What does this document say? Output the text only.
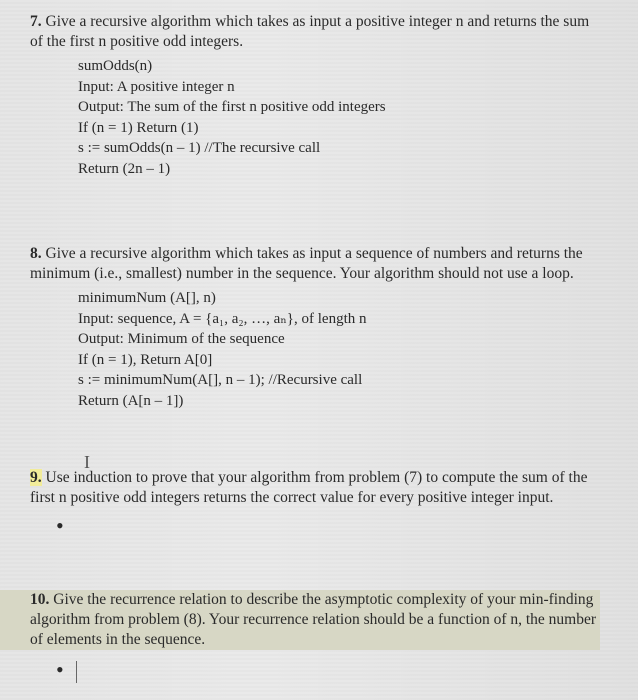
7. Give a recursive algorithm which takes as input a positive integer n and returns the sum of the first n positive odd integers.

sumOdds(n)
Input: A positive integer n
Output: The sum of the first n positive odd integers
If (n = 1) Return (1)
s := sumOdds(n – 1) //The recursive call
Return (2n – 1)

8. Give a recursive algorithm which takes as input a sequence of numbers and returns the minimum (i.e., smallest) number in the sequence. Your algorithm should not use a loop.

minimumNum (A[], n)
Input: sequence, A = {a₁, a₂, …, aₙ}, of length n
Output: Minimum of the sequence
If (n = 1), Return A[0]
s := minimumNum(A[], n – 1); //Recursive call
Return (A[n – 1])
I

9. Use induction to prove that your algorithm from problem (7) to compute the sum of the first n positive odd integers returns the correct value for every positive integer input.

•

10. Give the recurrence relation to describe the asymptotic complexity of your min-finding algorithm from problem (8). Your recurrence relation should be a function of n, the number of elements in the sequence.

•
